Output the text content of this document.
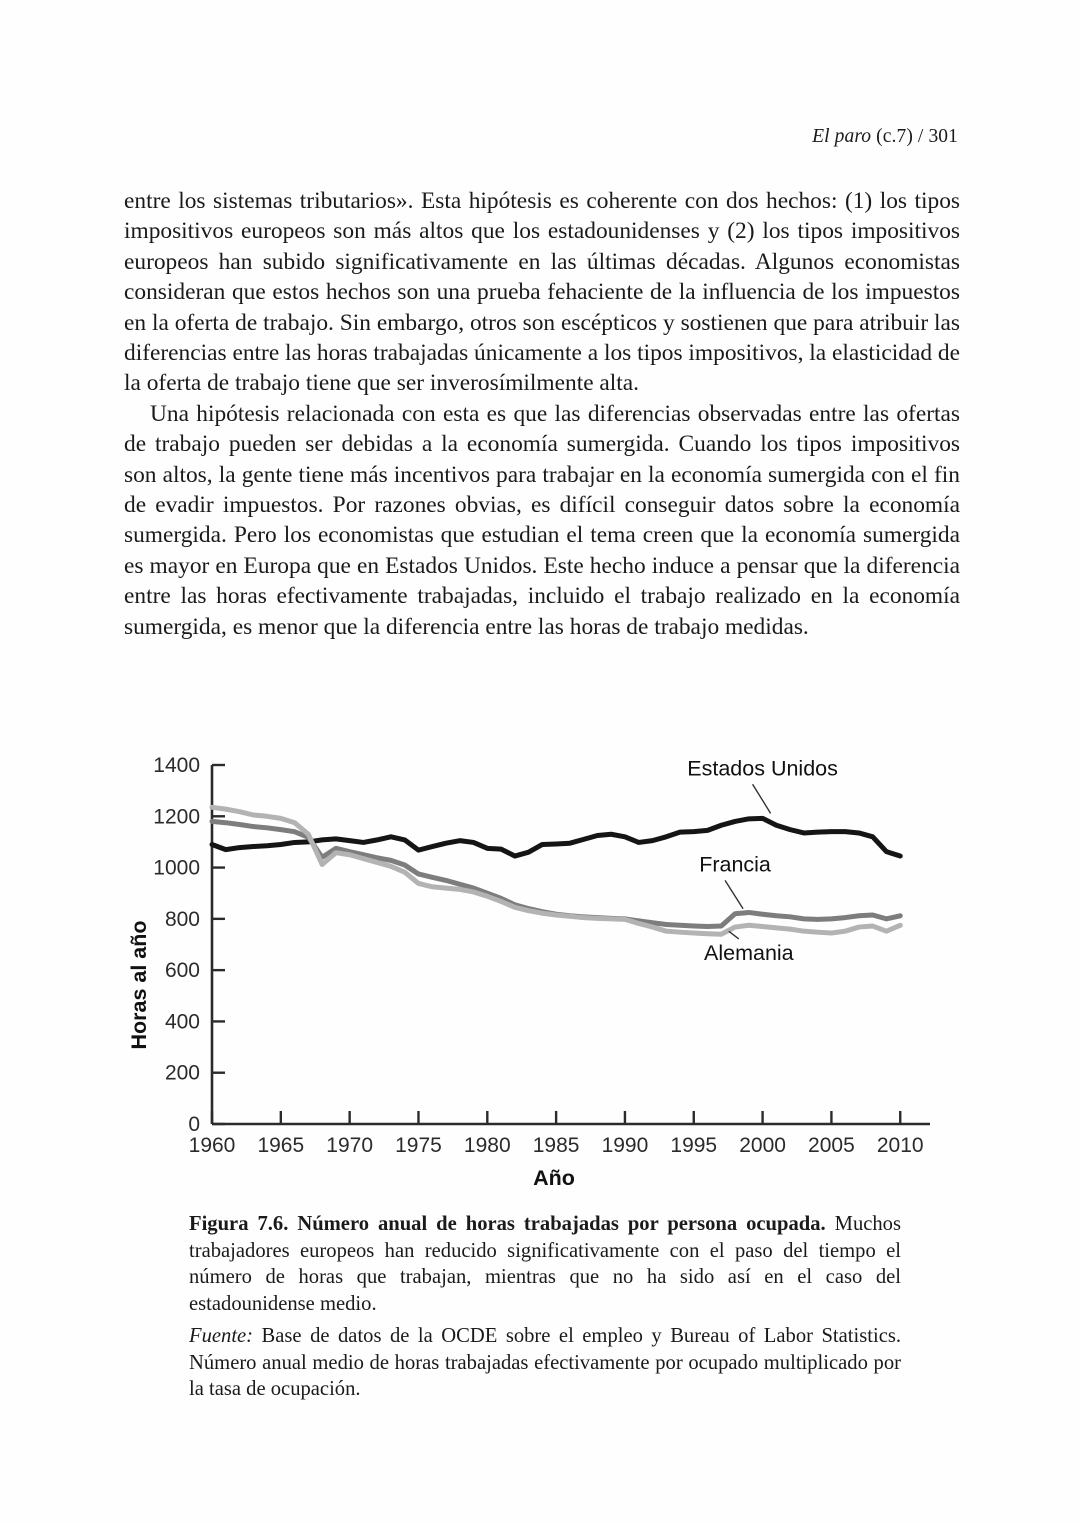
El paro (c.7) / 301

entre los sistemas tributarios». Esta hipótesis es coherente con dos hechos: (1) los tipos impositivos europeos son más altos que los estadounidenses y (2) los tipos impositivos europeos han subido significativamente en las últimas décadas. Algunos economistas consideran que estos hechos son una prueba fehaciente de la influencia de los impuestos en la oferta de trabajo. Sin embargo, otros son escépticos y sostienen que para atribuir las diferencias entre las horas trabajadas únicamente a los tipos impositivos, la elasticidad de la oferta de trabajo tiene que ser inverosímilmente alta.

Una hipótesis relacionada con esta es que las diferencias observadas entre las ofertas de trabajo pueden ser debidas a la economía sumergida. Cuando los tipos impositivos son altos, la gente tiene más incentivos para trabajar en la economía sumergida con el fin de evadir impuestos. Por razones obvias, es difícil conseguir datos sobre la economía sumergida. Pero los economistas que estudian el tema creen que la economía sumergida es mayor en Europa que en Estados Unidos. Este hecho induce a pensar que la diferencia entre las horas efectivamente trabajadas, incluido el trabajo realizado en la economía sumergida, es menor que la diferencia entre las horas de trabajo medidas.

0
200
400
600
800
1000
1200
1400
1960 1965 1970 1975 1980 1985 1990 1995 2000 2005 2010
Estados Unidos
Francia
Alemania
Horas al año
Año

Figura 7.6. Número anual de horas trabajadas por persona ocupada. Muchos trabajadores europeos han reducido significativamente con el paso del tiempo el número de horas que trabajan, mientras que no ha sido así en el caso del estadounidense medio.

Fuente: Base de datos de la OCDE sobre el empleo y Bureau of Labor Statistics. Número anual medio de horas trabajadas efectivamente por ocupado multiplicado por la tasa de ocupación.
